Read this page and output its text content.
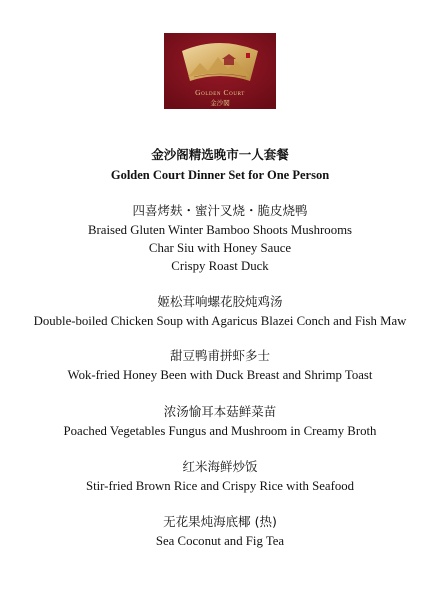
Golden Court
金沙閣
金沙阁精选晚市一人套餐
Golden Court Dinner Set for One Person
四喜烤麸・蜜汁叉烧・脆皮烧鸭
Braised Gluten Winter Bamboo Shoots Mushrooms
Char Siu with Honey Sauce
Crispy Roast Duck
姬松茸响螺花胶炖鸡汤
Double-boiled Chicken Soup with Agaricus Blazei Conch and Fish Maw
甜豆鸭甫拼虾多士
Wok-fried Honey Been with Duck Breast and Shrimp Toast
浓汤愉耳本菇鲜菜苗
Poached Vegetables Fungus and Mushroom in Creamy Broth
红米海鲜炒饭
Stir-fried Brown Rice and Crispy Rice with Seafood
无花果炖海底椰 (热)
Sea Coconut and Fig Tea
